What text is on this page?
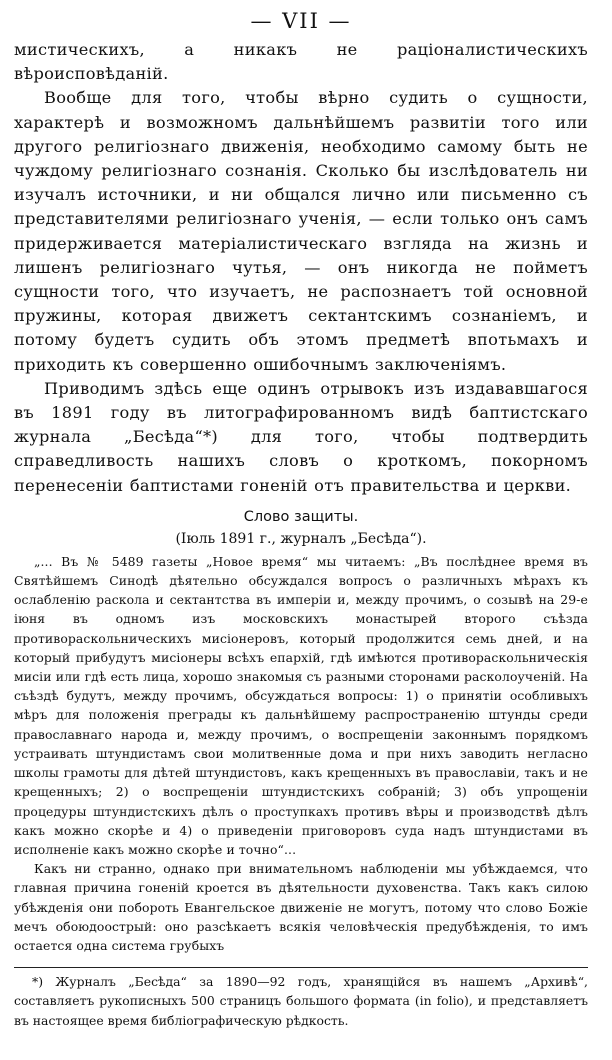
— VII —

мистическихъ, а никакъ не раціоналистическихъ вѣроисповѣданій.

Вообще для того, чтобы вѣрно судить о сущности, характерѣ и возможномъ дальнѣйшемъ развитіи того или другого религіознаго движенія, необходимо самому быть не чуждому религіознаго сознанія. Сколько бы изслѣдователь ни изучалъ источники, и ни общался лично или письменно съ представителями религіознаго ученія, — если только онъ самъ придерживается матеріалистическаго взгляда на жизнь и лишенъ религіознаго чутья, — онъ никогда не пойметъ сущности того, что изучаетъ, не распознаетъ той основной пружины, которая движетъ сектантскимъ сознаніемъ, и потому будетъ судить объ этомъ предметѣ впотьмахъ и приходить къ совершенно ошибочнымъ заключеніямъ.

Приводимъ здѣсь еще одинъ отрывокъ изъ издававшагося въ 1891 году въ литографированномъ видѣ баптистскаго журнала „Бесѣда“*) для того, чтобы подтвердить справедливость нашихъ словъ о кроткомъ, покорномъ перенесеніи баптистами гоненій отъ правительства и церкви.

Слово защиты.
(Іюль 1891 г., журналъ „Бесѣда“).

„... Въ № 5489 газеты „Новое время“ мы читаемъ: „Въ послѣднее время въ Святѣйшемъ Синодѣ дѣятельно обсуждался вопросъ о различныхъ мѣрахъ къ ослабленію раскола и сектантства въ имперіи и, между прочимъ, о созывѣ на 29-е іюня въ одномъ изъ московскихъ монастырей второго съѣзда противораскольническихъ мисіонеровъ, который продолжится семь дней, и на который прибудутъ мисіонеры всѣхъ епархій, гдѣ имѣются противораскольническія мисіи или гдѣ есть лица, хорошо знакомыя съ разными сторонами расколоученій. На съѣздѣ будутъ, между прочимъ, обсуждаться вопросы: 1) о принятіи особливыхъ мѣръ для положенія преграды къ дальнѣйшему распространенію штунды среди православнаго народа и, между прочимъ, о воспрещеніи законнымъ порядкомъ устраивать штундистамъ свои молитвенные дома и при нихъ заводить негласно школы грамоты для дѣтей штундистовъ, какъ крещенныхъ въ православіи, такъ и не крещенныхъ; 2) о воспрещеніи штундистскихъ собраній; 3) объ упрощеніи процедуры штундистскихъ дѣлъ о проступкахъ противъ вѣры и производствѣ дѣлъ какъ можно скорѣе и 4) о приведеніи приговоровъ суда надъ штундистами въ исполненіе какъ можно скорѣе и точно“...

Какъ ни странно, однако при внимательномъ наблюденіи мы убѣждаемся, что главная причина гоненій кроется въ дѣятельности духовенства. Такъ какъ силою убѣжденія они побороть Евангельское движеніе не могутъ, потому что слово Божіе мечъ обоюдоострый: оно разсѣкаетъ всякія человѣческія предубѣжденія, то имъ остается одна система грубыхъ

*) Журналъ „Бесѣда“ за 1890—92 годъ, хранящійся въ нашемъ „Архивѣ“, составляетъ рукописныхъ 500 страницъ большого формата (in folio), и представляетъ въ настоящее время библіографическую рѣдкость.
